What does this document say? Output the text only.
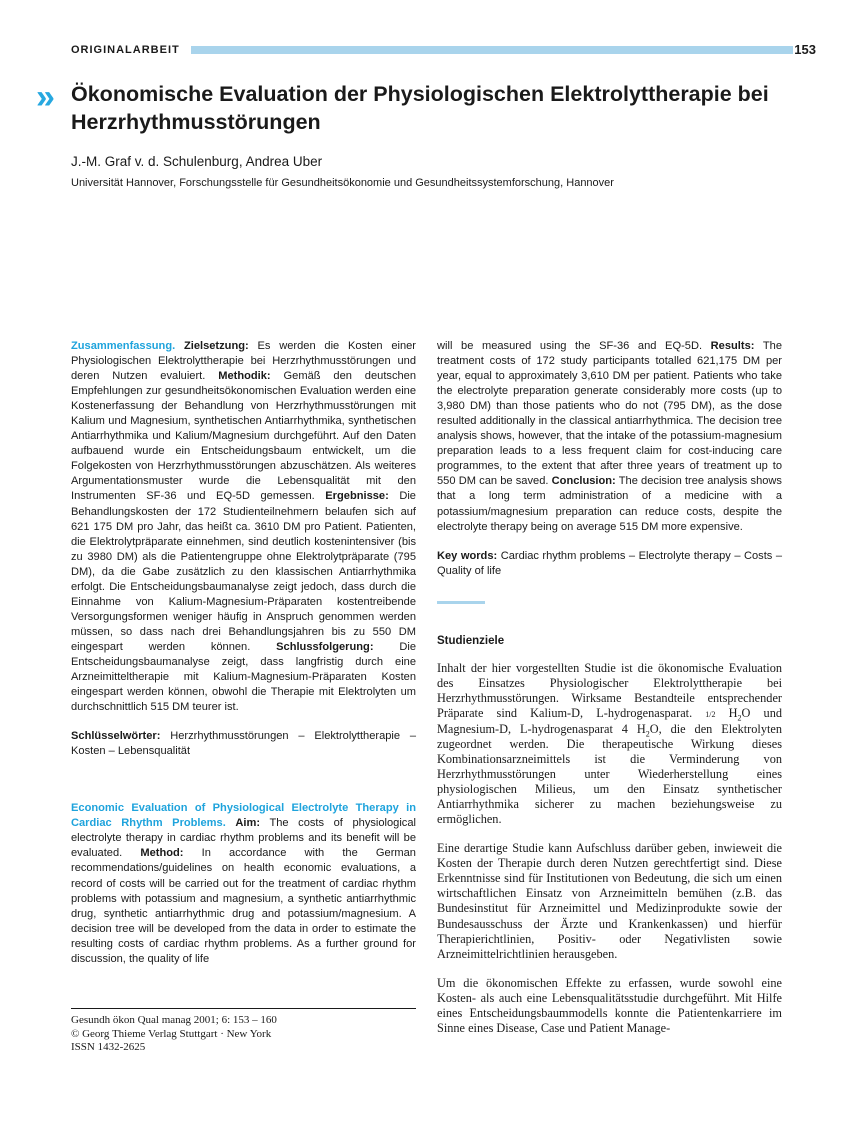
ORIGINALARBEIT	153
» Ökonomische Evaluation der Physiologischen Elektrolyttherapie bei Herzrhythmusstörungen
J.-M. Graf v. d. Schulenburg, Andrea Uber
Universität Hannover, Forschungsstelle für Gesundheitsökonomie und Gesundheitssystemforschung, Hannover

Zusammenfassung. Zielsetzung: Es werden die Kosten einer Physiologischen Elektrolyttherapie bei Herzrhythmusstörungen und deren Nutzen evaluiert. Methodik: Gemäß den deutschen Empfehlungen zur gesundheitsökonomischen Evaluation werden eine Kostenerfassung der Behandlung von Herzrhythmusstörungen mit Kalium und Magnesium, synthetischen Antiarrhythmika, synthetischen Antiarrhythmika und Kalium/Magnesium durchgeführt. Auf den Daten aufbauend wurde ein Entscheidungsbaum entwickelt, um die Folgekosten von Herzrhythmusstörungen abzuschätzen. Als weiteres Argumentationsmuster wurde die Lebensqualität mit den Instrumenten SF-36 und EQ-5D gemessen. Ergebnisse: Die Behandlungskosten der 172 Studienteilnehmern belaufen sich auf 621 175 DM pro Jahr, das heißt ca. 3610 DM pro Patient. Patienten, die Elektrolytpräparate einnehmen, sind deutlich kostenintensiver (bis zu 3980 DM) als die Patientengruppe ohne Elektrolytpräparate (795 DM), da die Gabe zusätzlich zu den klassischen Antiarrhythmika erfolgt. Die Entscheidungsbaumanalyse zeigt jedoch, dass durch die Einnahme von Kalium-Magnesium-Präparaten kostentreibende Versorgungsformen weniger häufig in Anspruch genommen werden müssen, so dass nach drei Behandlungsjahren bis zu 550 DM eingespart werden können. Schlussfolgerung: Die Entscheidungsbaumanalyse zeigt, dass langfristig durch eine Arzneimitteltherapie mit Kalium-Magnesium-Präparaten Kosten eingespart werden können, obwohl die Therapie mit Elektrolyten um durchschnittlich 515 DM teurer ist.

Schlüsselwörter: Herzrhythmusstörungen – Elektrolyttherapie – Kosten – Lebensqualität

Economic Evaluation of Physiological Electrolyte Therapy in Cardiac Rhythm Problems. Aim: The costs of physiological electrolyte therapy in cardiac rhythm problems and its benefit will be evaluated. Method: In accordance with the German recommendations/guidelines on health economic evaluations, a record of costs will be carried out for the treatment of cardiac rhythm problems with potassium and magnesium, a synthetic antiarrhythmic drug, synthetic antiarrhythmic drug and potassium/magnesium. A decision tree will be developed from the data in order to estimate the resulting costs of cardiac rhythm problems. As a further ground for discussion, the quality of life

will be measured using the SF-36 and EQ-5D. Results: The treatment costs of 172 study participants totalled 621,175 DM per year, equal to approximately 3,610 DM per patient. Patients who take the electrolyte preparation generate considerably more costs (up to 3,980 DM) than those patients who do not (795 DM), as the dose resulted additionally in the classical antiarrhythmica. The decision tree analysis shows, however, that the intake of the potassium-magnesium preparation leads to a less frequent claim for cost-inducing care programmes, to the extent that after three years of treatment up to 550 DM can be saved. Conclusion: The decision tree analysis shows that a long term administration of a medicine with a potassium/magnesium preparation can reduce costs, despite the electrolyte therapy being on average 515 DM more expensive.

Key words: Cardiac rhythm problems – Electrolyte therapy – Costs – Quality of life

Studienziele

Inhalt der hier vorgestellten Studie ist die ökonomische Evaluation des Einsatzes Physiologischer Elektrolyttherapie bei Herzrhythmusstörungen. Wirksame Bestandteile entsprechender Präparate sind Kalium-D, L-hydrogenasparat. 1/2 $H_2O$ und Magnesium-D, L-hydrogenasparat 4 $H_2O$, die den Elektrolyten zugeordnet werden. Die therapeutische Wirkung dieses Kombinationsarzneimittels ist die Verminderung von Herzrhythmusstörungen unter Wiederherstellung eines physiologischen Milieus, um den Einsatz synthetischer Antiarrhythmika sicherer zu machen beziehungsweise zu ermöglichen.

Eine derartige Studie kann Aufschluss darüber geben, inwieweit die Kosten der Therapie durch deren Nutzen gerechtfertigt sind. Diese Erkenntnisse sind für Institutionen von Bedeutung, die sich um einen wirtschaftlichen Einsatz von Arzneimitteln bemühen (z.B. das Bundesinstitut für Arzneimittel und Medizinprodukte sowie der Bundesausschuss der Ärzte und Krankenkassen) und hierfür Therapierichtlinien, Positiv- oder Negativlisten sowie Arzneimittelrichtlinien herausgeben.

Um die ökonomischen Effekte zu erfassen, wurde sowohl eine Kosten- als auch eine Lebensqualitätsstudie durchgeführt. Mit Hilfe eines Entscheidungsbaummodells konnte die Patientenkarriere im Sinne eines Disease, Case und Patient Manage-

Gesundh ökon Qual manag 2001; 6: 153 – 160
© Georg Thieme Verlag Stuttgart · New York
ISSN 1432-2625
